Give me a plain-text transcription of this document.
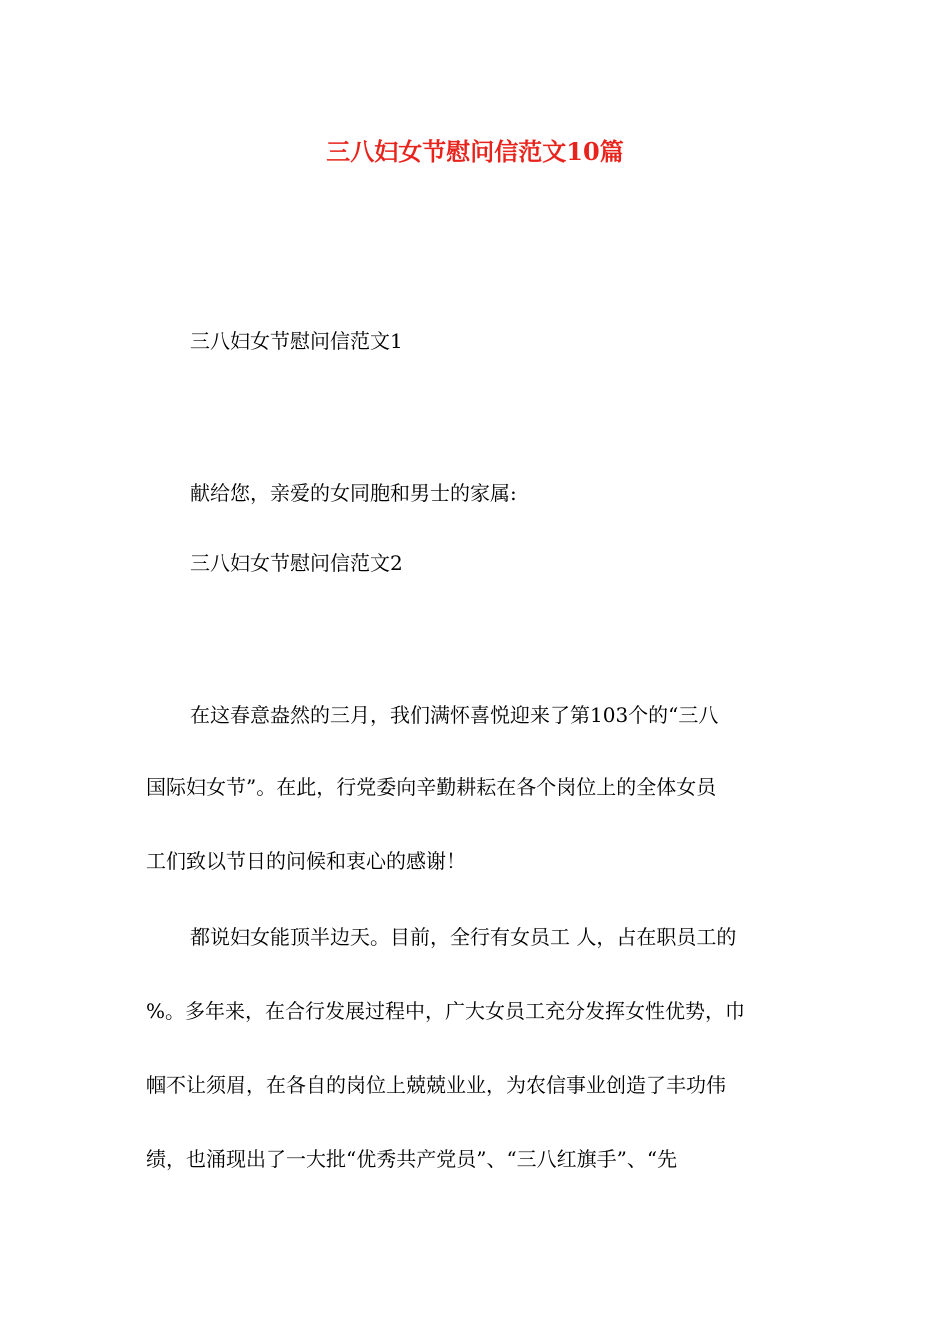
三八妇女节慰问信范文10篇

三八妇女节慰问信范文1

献给您，亲爱的女同胞和男士的家属:

三八妇女节慰问信范文2

在这春意盎然的三月，我们满怀喜悦迎来了第103个的“三八

国际妇女节”。在此，行党委向辛勤耕耘在各个岗位上的全体女员

工们致以节日的问候和衷心的感谢！

都说妇女能顶半边天。目前，全行有女员工 人，占在职员工的

%。多年来，在合行发展过程中，广大女员工充分发挥女性优势，巾

帼不让须眉，在各自的岗位上兢兢业业，为农信事业创造了丰功伟

绩，也涌现出了一大批“优秀共产党员”、“三八红旗手”、“先
